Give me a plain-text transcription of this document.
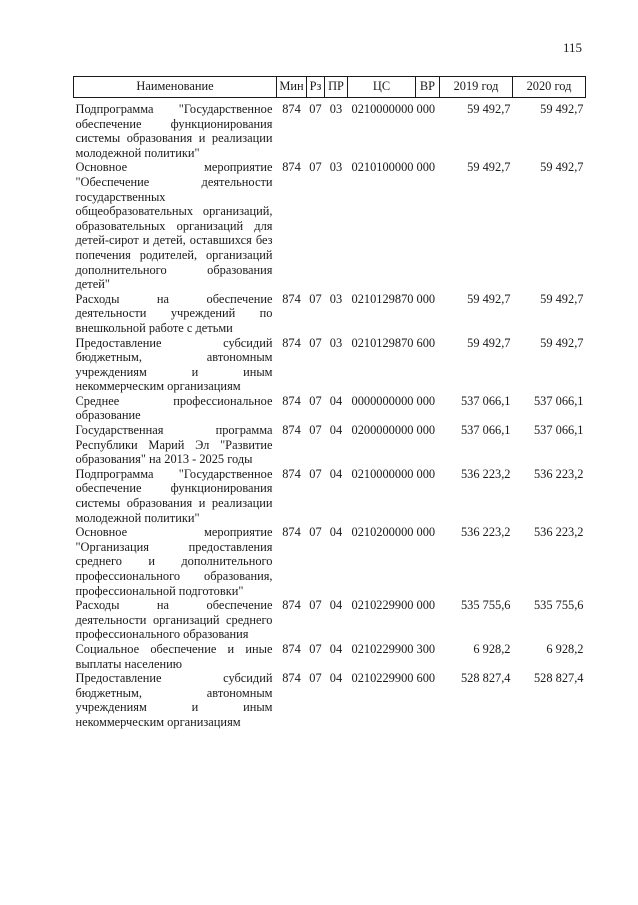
115
Наименование	Мин	Рз	ПР	ЦС	ВР	2019 год	2020 год

Подпрограмма "Государственное обеспечение функционирования системы образования и реализации молодежной политики"	874	07	03	0210000000	000	59 492,7	59 492,7
Основное мероприятие "Обеспечение деятельности государственных общеобразовательных организаций, образовательных организаций для детей-сирот и детей, оставшихся без попечения родителей, организаций дополнительного образования детей"	874	07	03	0210100000	000	59 492,7	59 492,7
Расходы на обеспечение деятельности учреждений по внешкольной работе с детьми	874	07	03	0210129870	000	59 492,7	59 492,7
Предоставление субсидий бюджетным, автономным учреждениям и иным некоммерческим организациям	874	07	03	0210129870	600	59 492,7	59 492,7
Среднее профессиональное образование	874	07	04	0000000000	000	537 066,1	537 066,1
Государственная программа Республики Марий Эл "Развитие образования" на 2013 - 2025 годы	874	07	04	0200000000	000	537 066,1	537 066,1
Подпрограмма "Государственное обеспечение функционирования системы образования и реализации молодежной политики"	874	07	04	0210000000	000	536 223,2	536 223,2
Основное мероприятие "Организация предоставления среднего и дополнительного профессионального образования, профессиональной подготовки"	874	07	04	0210200000	000	536 223,2	536 223,2
Расходы на обеспечение деятельности организаций среднего профессионального образования	874	07	04	0210229900	000	535 755,6	535 755,6
Социальное обеспечение и иные выплаты населению	874	07	04	0210229900	300	6 928,2	6 928,2
Предоставление субсидий бюджетным, автономным учреждениям и иным некоммерческим организациям	874	07	04	0210229900	600	528 827,4	528 827,4
